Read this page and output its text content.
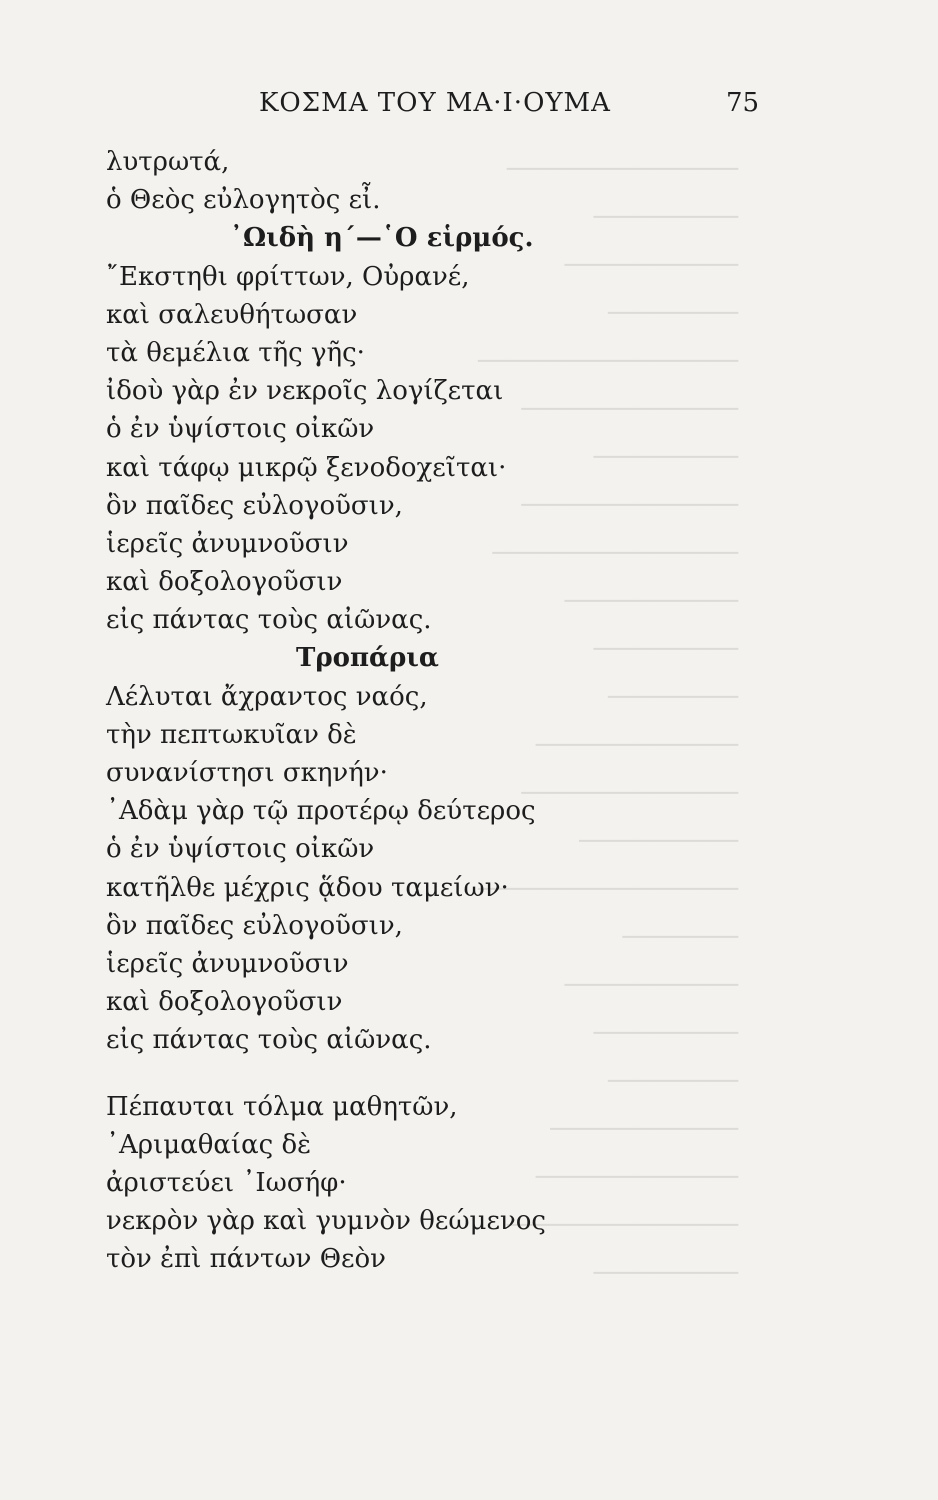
────────────────
──────────
────────────
─────────
──────────────────
───────────────
──────────
───────────────
─────────────────
────────────
──────────
─────────
──────────────
───────────────
───────────
──────────────────
────────
────────────
──────────
─────────
─────────────
──────────────
────────────────
──────────
ΚΟΣΜΑ ΤΟΥ ΜΑ·Ι·ΟΥΜΑ	75
λυτρωτά,
ὁ Θεὸς εὐλογητὸς εἶ.
᾿Ωιδὴ η΄—῾Ο εἱρμός.
῎Εκστηθι φρίττων, Οὐρανέ,
καὶ σαλευθήτωσαν
τὰ θεμέλια τῆς γῆς·
ἰδοὺ γὰρ ἐν νεκροῖς λογίζεται
ὁ ἐν ὑψίστοις οἰκῶν
καὶ τάφῳ μικρῷ ξενοδοχεῖται·
ὃν παῖδες εὐλογοῦσιν,
ἱερεῖς ἀνυμνοῦσιν
καὶ δοξολογοῦσιν
εἰς πάντας τοὺς αἰῶνας.
Τροπάρια
Λέλυται ἄχραντος ναός,
τὴν πεπτωκυῖαν δὲ
συνανίστησι σκηνήν·
᾿Αδὰμ γὰρ τῷ προτέρῳ δεύτερος
ὁ ἐν ὑψίστοις οἰκῶν
κατῆλθε μέχρις ᾅδου ταμείων·
ὃν παῖδες εὐλογοῦσιν,
ἱερεῖς ἀνυμνοῦσιν
καὶ δοξολογοῦσιν
εἰς πάντας τοὺς αἰῶνας.
Πέπαυται τόλμα μαθητῶν,
᾿Αριμαθαίας δὲ
ἀριστεύει ᾿Ιωσήφ·
νεκρὸν γὰρ καὶ γυμνὸν θεώμενος
τὸν ἐπὶ πάντων Θεὸν
